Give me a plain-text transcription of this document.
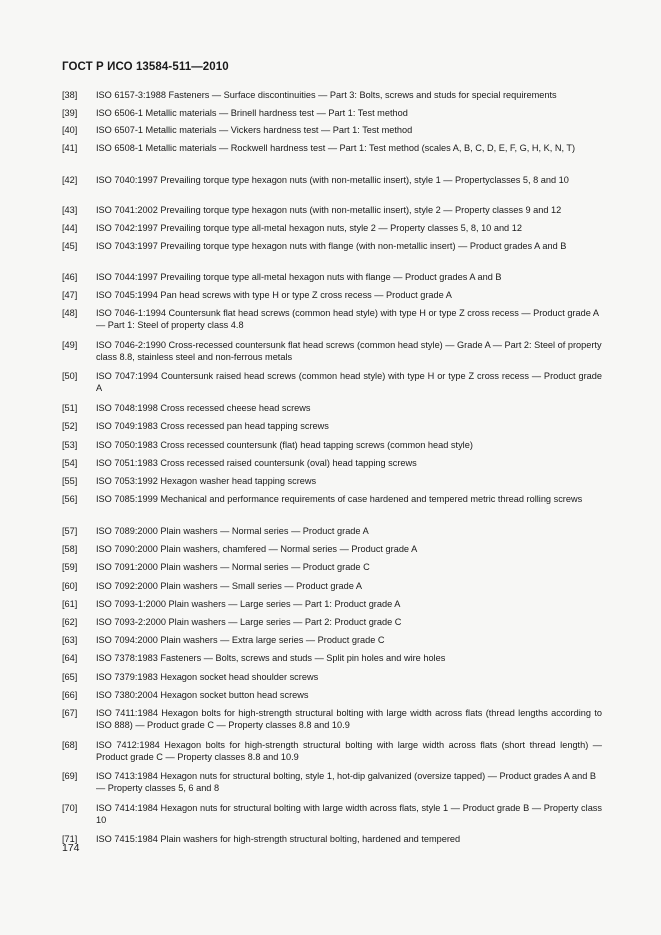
ГОСТ Р ИСО 13584-511—2010
[38] ISO 6157-3:1988 Fasteners — Surface discontinuities — Part 3: Bolts, screws and studs for special requirements
[39] ISO 6506-1 Metallic materials — Brinell hardness test — Part 1: Test method
[40] ISO 6507-1 Metallic materials — Vickers hardness test — Part 1: Test method
[41] ISO 6508-1 Metallic materials — Rockwell hardness test — Part 1: Test method (scales A, B, C, D, E, F, G, H, K, N, T)
[42] ISO 7040:1997 Prevailing torque type hexagon nuts (with non-metallic insert), style 1 — Propertyclasses 5, 8 and 10
[43] ISO 7041:2002 Prevailing torque type hexagon nuts (with non-metallic insert), style 2 — Property classes 9 and 12
[44] ISO 7042:1997 Prevailing torque type all-metal hexagon nuts, style 2 — Property classes 5, 8, 10 and 12
[45] ISO 7043:1997 Prevailing torque type hexagon nuts with flange (with non-metallic insert) — Product grades A and B
[46] ISO 7044:1997 Prevailing torque type all-metal hexagon nuts with flange — Product grades A and B
[47] ISO 7045:1994 Pan head screws with type H or type Z cross recess — Product grade A
[48] ISO 7046-1:1994 Countersunk flat head screws (common head style) with type H or type Z cross recess — Product grade A — Part 1: Steel of property class 4.8
[49] ISO 7046-2:1990 Cross-recessed countersunk flat head screws (common head style) — Grade A — Part 2: Steel of property class 8.8, stainless steel and non-ferrous metals
[50] ISO 7047:1994 Countersunk raised head screws (common head style) with type H or type Z cross recess — Product grade A
[51] ISO 7048:1998 Cross recessed cheese head screws
[52] ISO 7049:1983 Cross recessed pan head tapping screws
[53] ISO 7050:1983 Cross recessed countersunk (flat) head tapping screws (common head style)
[54] ISO 7051:1983 Cross recessed raised countersunk (oval) head tapping screws
[55] ISO 7053:1992 Hexagon washer head tapping screws
[56] ISO 7085:1999 Mechanical and performance requirements of case hardened and tempered metric thread rolling screws
[57] ISO 7089:2000 Plain washers — Normal series — Product grade A
[58] ISO 7090:2000 Plain washers, chamfered — Normal series — Product grade A
[59] ISO 7091:2000 Plain washers — Normal series — Product grade C
[60] ISO 7092:2000 Plain washers — Small series — Product grade A
[61] ISO 7093-1:2000 Plain washers — Large series — Part 1: Product grade A
[62] ISO 7093-2:2000 Plain washers — Large series — Part 2: Product grade C
[63] ISO 7094:2000 Plain washers — Extra large series — Product grade C
[64] ISO 7378:1983 Fasteners — Bolts, screws and studs — Split pin holes and wire holes
[65] ISO 7379:1983 Hexagon socket head shoulder screws
[66] ISO 7380:2004 Hexagon socket button head screws
[67] ISO 7411:1984 Hexagon bolts for high-strength structural bolting with large width across flats (thread lengths according to ISO 888) — Product grade C — Property classes 8.8 and 10.9
[68] ISO 7412:1984 Hexagon bolts for high-strength structural bolting with large width across flats (short thread length) — Product grade C — Property classes 8.8 and 10.9
[69] ISO 7413:1984 Hexagon nuts for structural bolting, style 1, hot-dip galvanized (oversize tapped) — Product grades A and B — Property classes 5, 6 and 8
[70] ISO 7414:1984 Hexagon nuts for structural bolting with large width across flats, style 1 — Product grade B — Property class 10
[71] ISO 7415:1984 Plain washers for high-strength structural bolting, hardened and tempered
174
